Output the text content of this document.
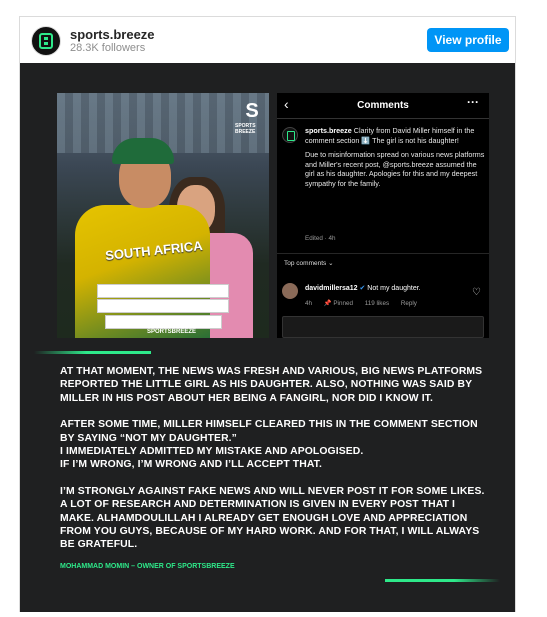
sports.breeze
28.3K followers
View profile
SOUTH AFRICA
S
SPORTS BREEZE
SPORTSBREEZE
‹	Comments	···

sports.breeze Clarity from David Miller himself in the comment section ⬇️ The girl is not his daughter!

Due to misinformation spread on various news platforms and Miller's recent post, @sports.breeze assumed the girl as his daughter. Apologies for this and my deepest sympathy for the family.

Edited · 4h
Top comments ⌄
davidmillersa12 ✔ Not my daughter.
4h 📌 Pinned 119 likes Reply
♡

AT THAT MOMENT, THE NEWS WAS FRESH AND VARIOUS, BIG NEWS PLATFORMS REPORTED THE LITTLE GIRL AS HIS DAUGHTER. ALSO, NOTHING WAS SAID BY MILLER IN HIS POST ABOUT HER BEING A FANGIRL, NOR DID I KNOW IT.

AFTER SOME TIME, MILLER HIMSELF CLEARED THIS IN THE COMMENT SECTION BY SAYING “NOT MY DAUGHTER.”

I IMMEDIATELY ADMITTED MY MISTAKE AND APOLOGISED.

IF I’M WRONG, I’M WRONG AND I’LL ACCEPT THAT.

I’M STRONGLY AGAINST FAKE NEWS AND WILL NEVER POST IT FOR SOME LIKES. A LOT OF RESEARCH AND DETERMINATION IS GIVEN IN EVERY POST THAT I MAKE. ALHAMDOULILLAH I ALREADY GET ENOUGH LOVE AND APPRECIATION FROM YOU GUYS, BECAUSE OF MY HARD WORK. AND FOR THAT, I WILL ALWAYS BE GRATEFUL.

MOHAMMAD MOMIN – OWNER OF SPORTSBREEZE
